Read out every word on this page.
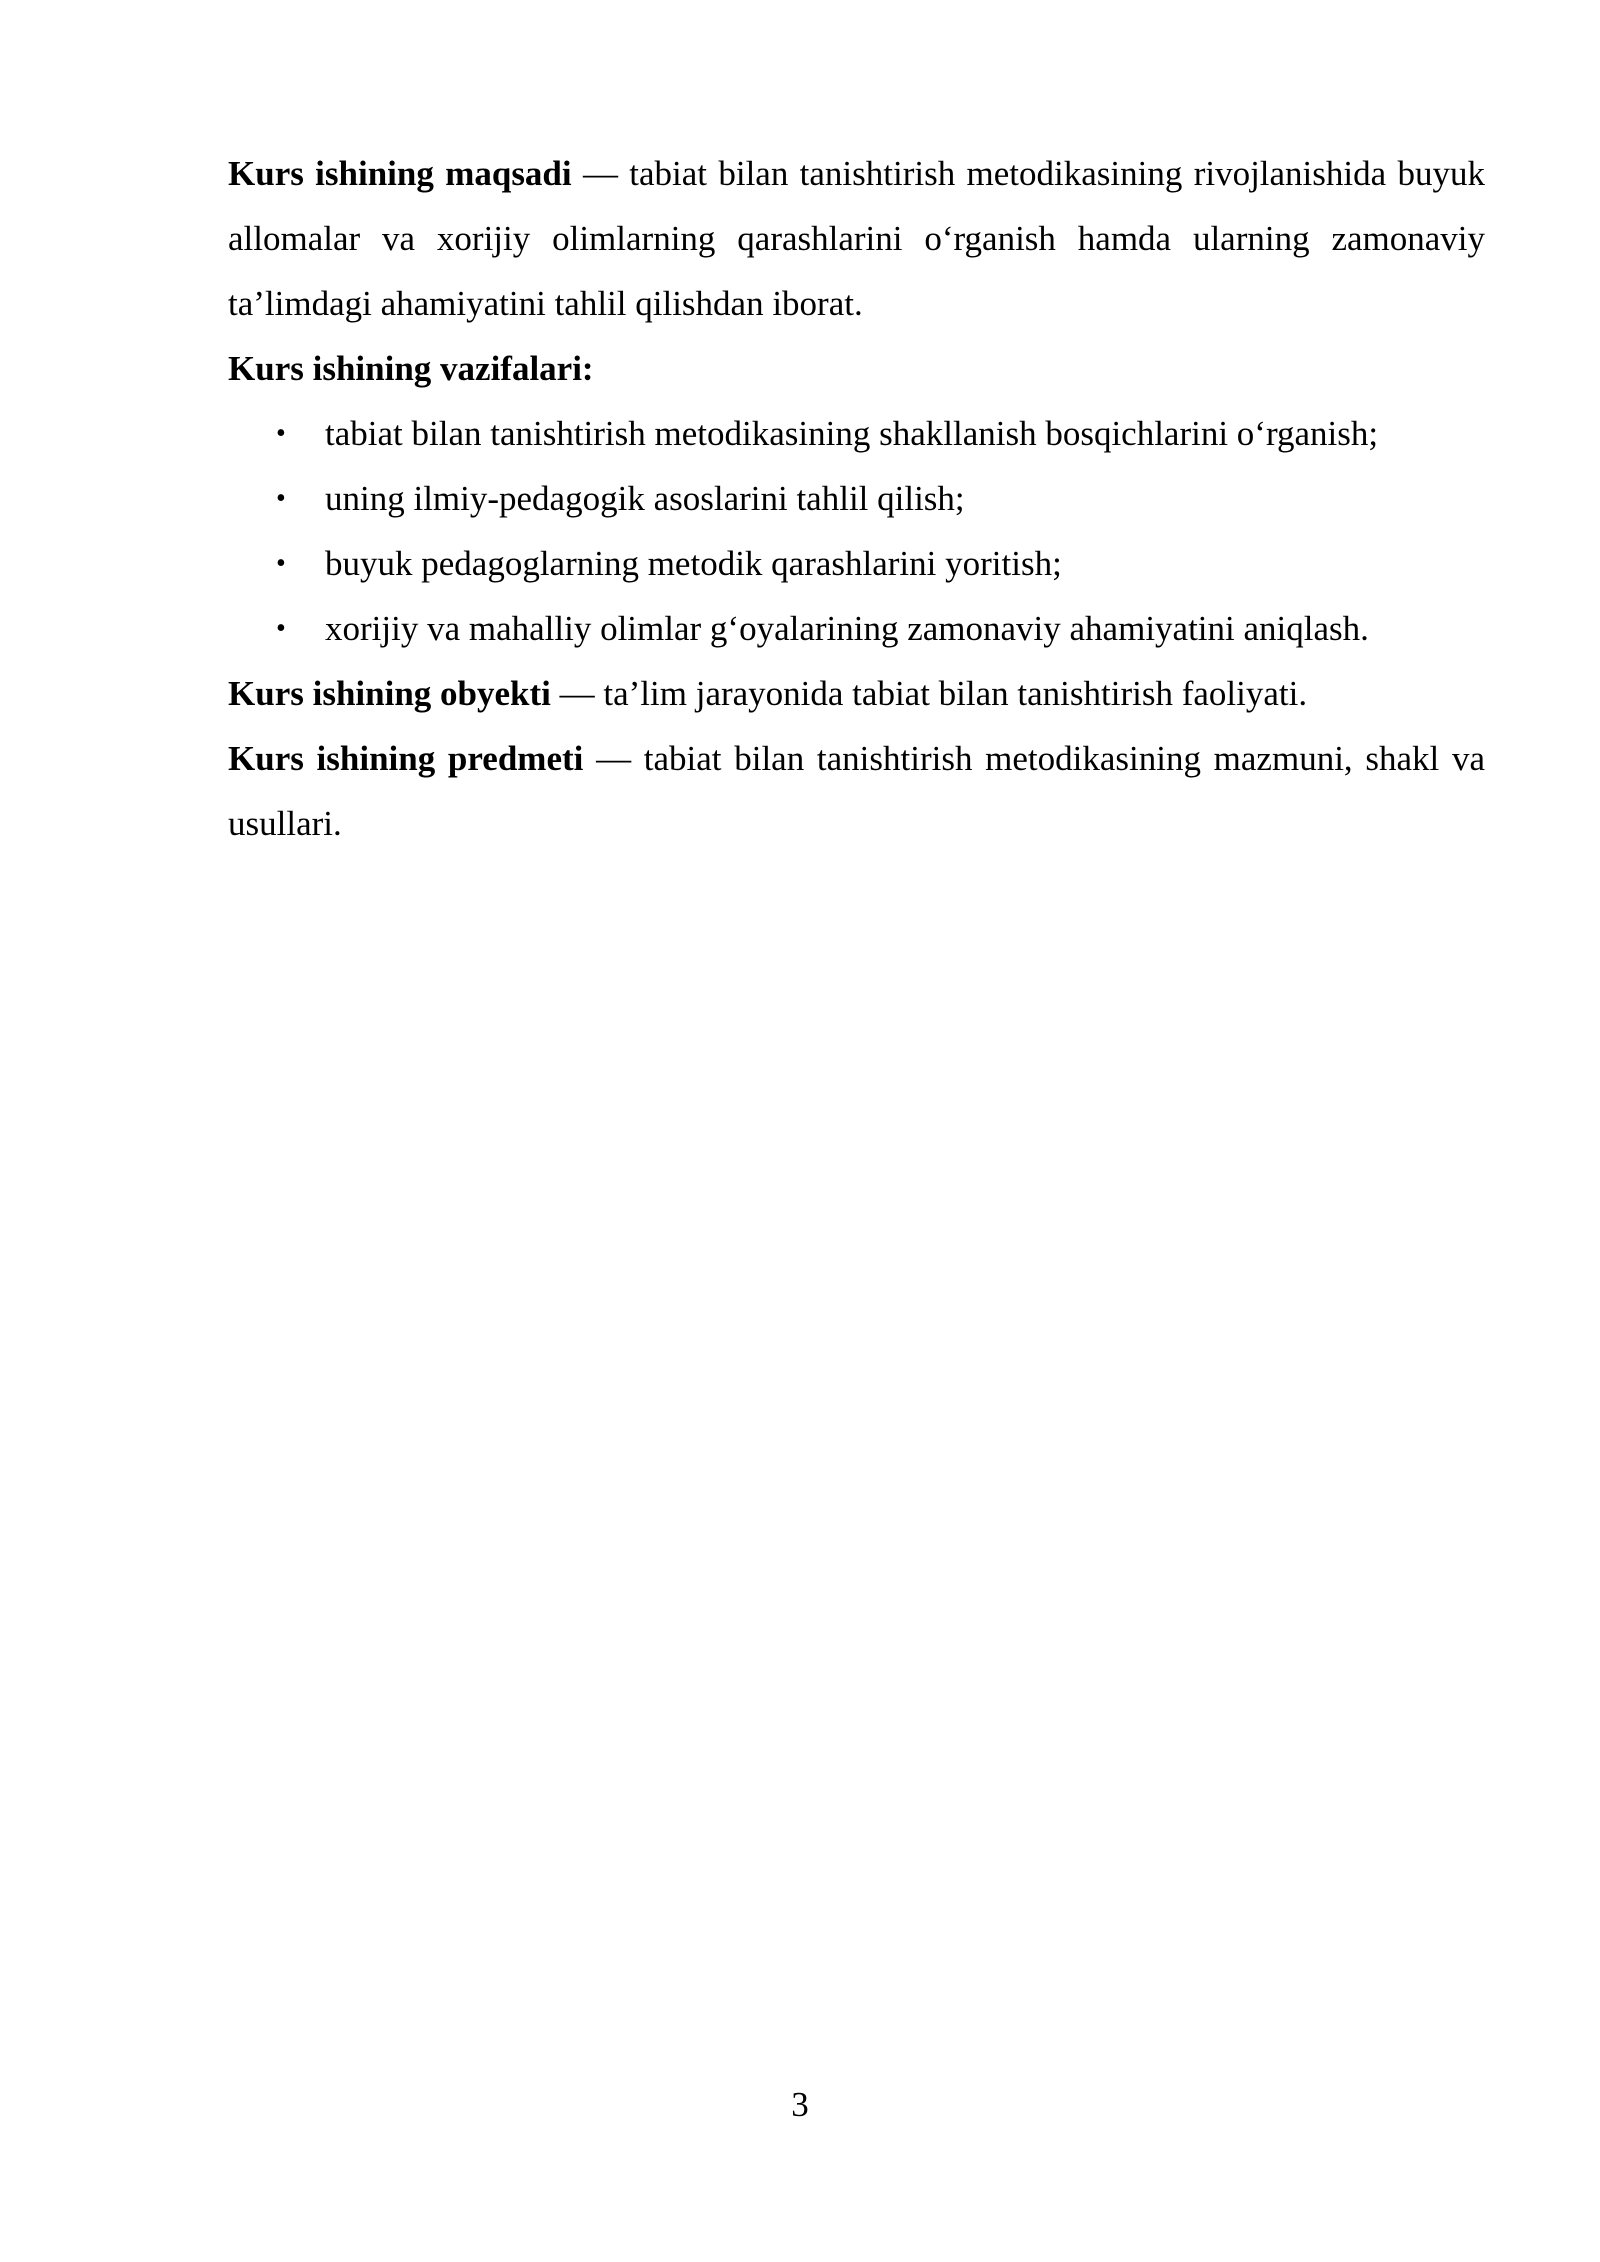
Kurs ishining maqsadi — tabiat bilan tanishtirish metodikasining rivojlanishida buyuk allomalar va xorijiy olimlarning qarashlarini o‘rganish hamda ularning zamonaviy ta’limdagi ahamiyatini tahlil qilishdan iborat.

Kurs ishining vazifalari:

• tabiat bilan tanishtirish metodikasining shakllanish bosqichlarini o‘rganish;
• uning ilmiy-pedagogik asoslarini tahlil qilish;
• buyuk pedagoglarning metodik qarashlarini yoritish;
• xorijiy va mahalliy olimlar g‘oyalarining zamonaviy ahamiyatini aniqlash.

Kurs ishining obyekti — ta’lim jarayonida tabiat bilan tanishtirish faoliyati.

Kurs ishining predmeti — tabiat bilan tanishtirish metodikasining mazmuni, shakl va usullari.

3
